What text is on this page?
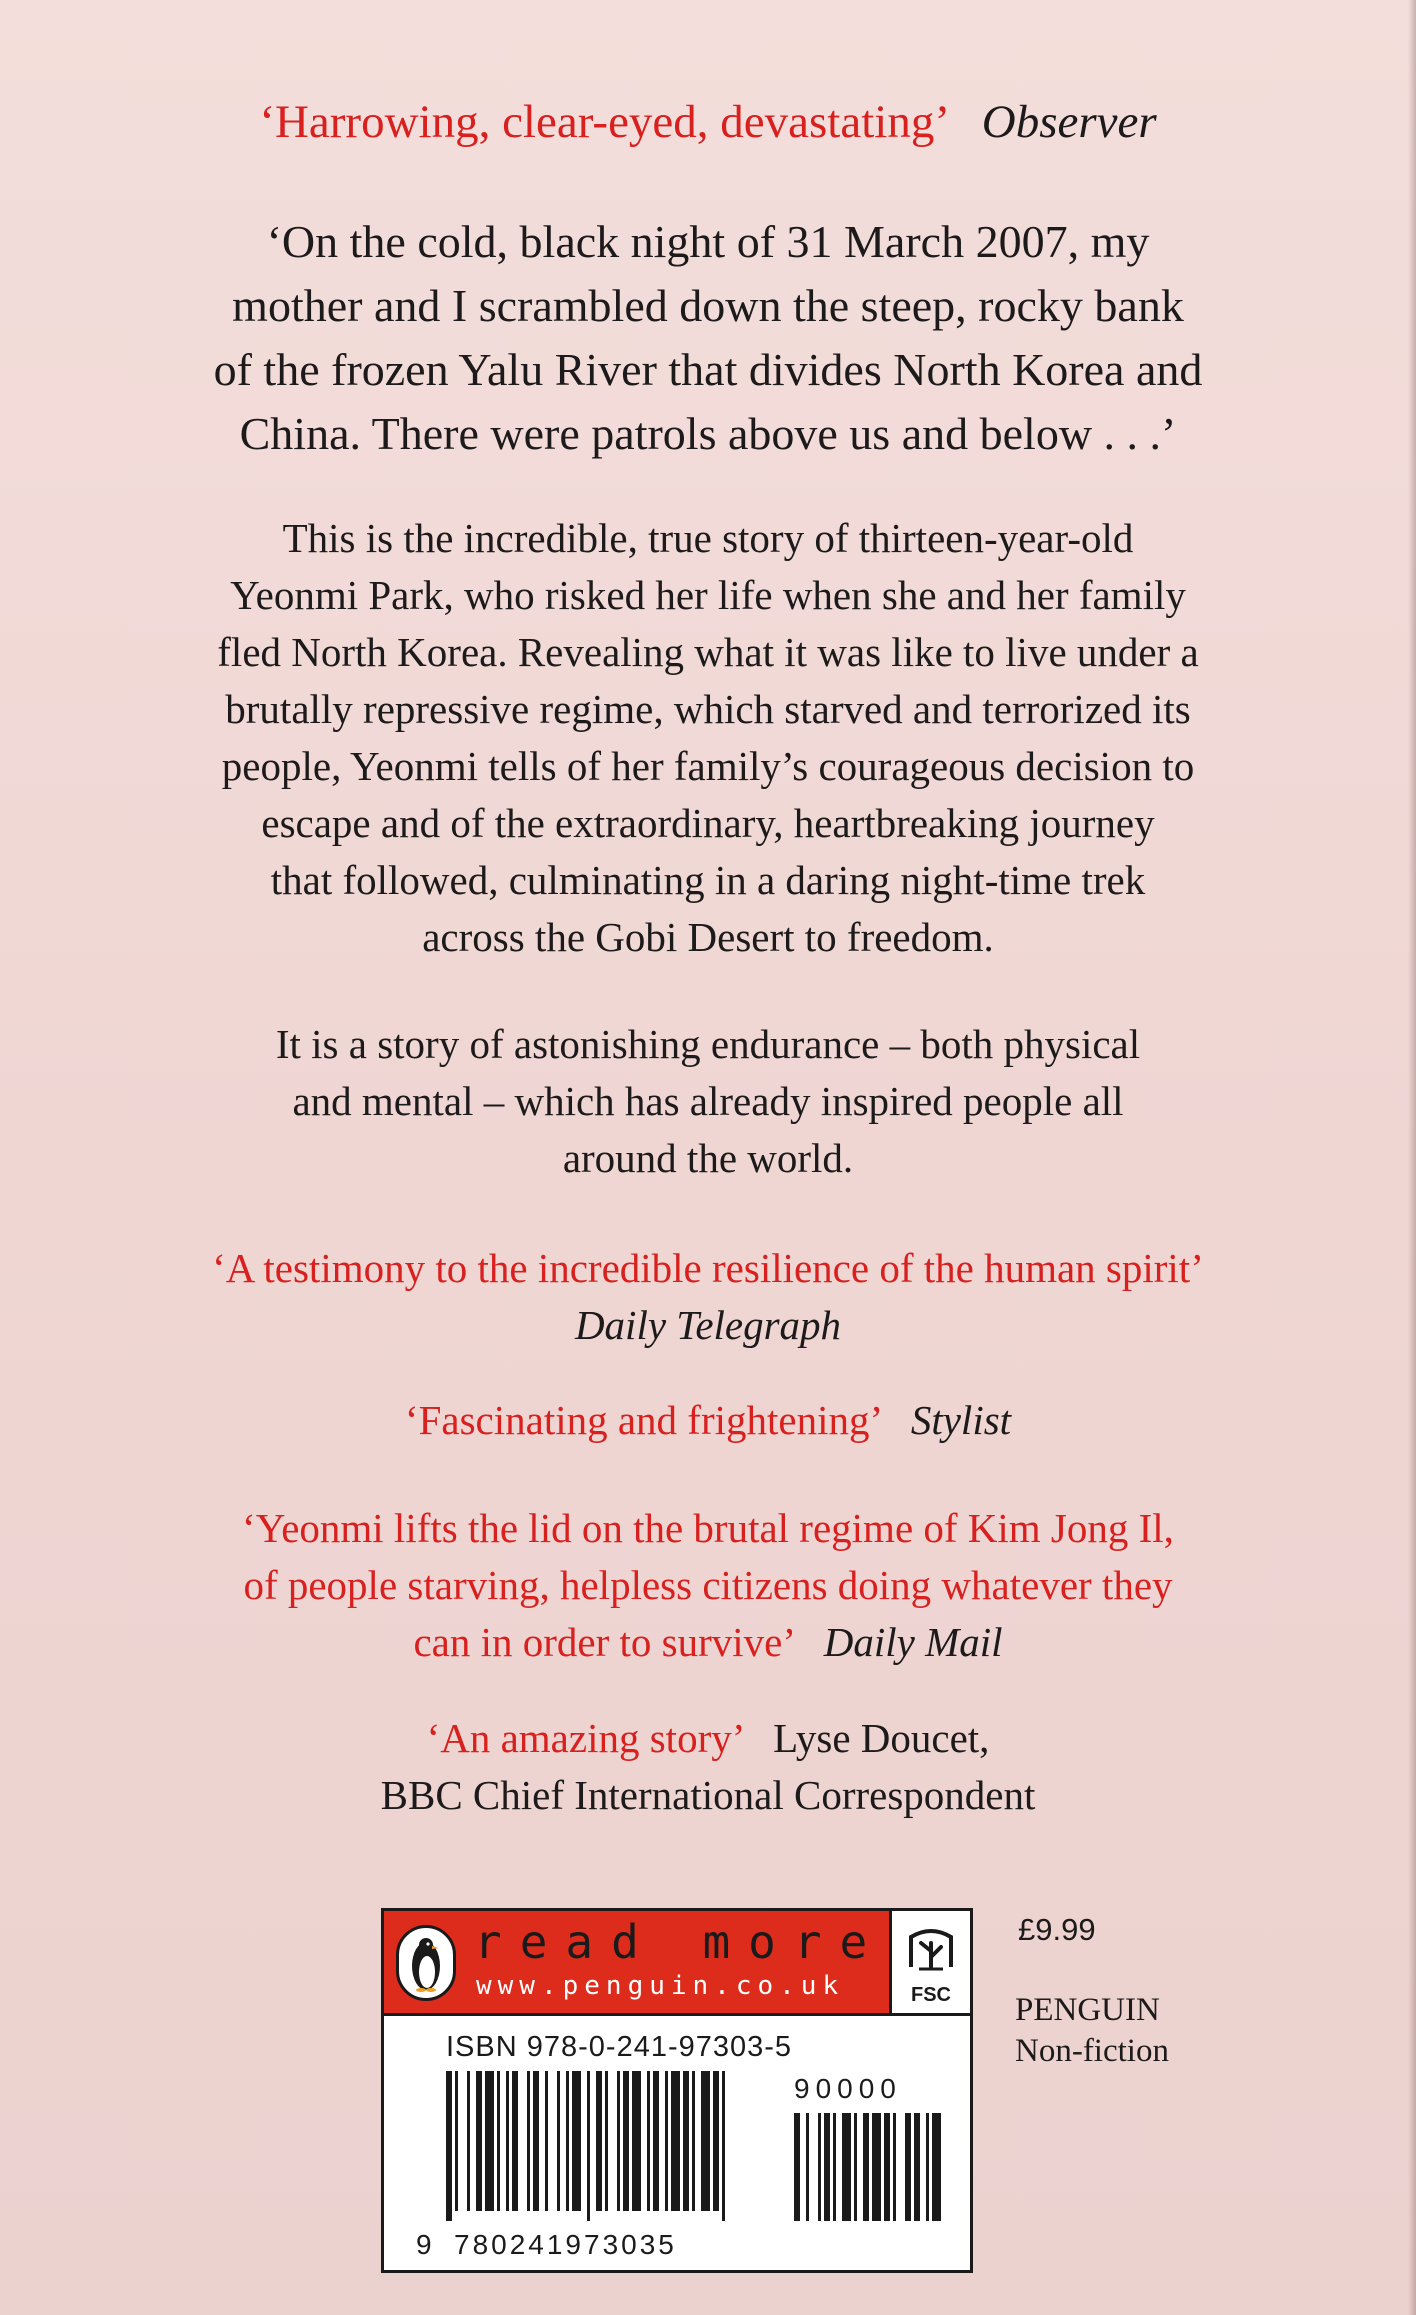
‘Harrowing, clear-eyed, devastating’ Observer
‘On the cold, black night of 31 March 2007, my
mother and I scrambled down the steep, rocky bank
of the frozen Yalu River that divides North Korea and
China. There were patrols above us and below . . .’
This is the incredible, true story of thirteen-year-old
Yeonmi Park, who risked her life when she and her family
fled North Korea. Revealing what it was like to live under a
brutally repressive regime, which starved and terrorized its
people, Yeonmi tells of her family’s courageous decision to
escape and of the extraordinary, heartbreaking journey
that followed, culminating in a daring night-time trek
across the Gobi Desert to freedom.
It is a story of astonishing endurance – both physical
and mental – which has already inspired people all
around the world.
‘A testimony to the incredible resilience of the human spirit’
Daily Telegraph
‘Fascinating and frightening’ Stylist
‘Yeonmi lifts the lid on the brutal regime of Kim Jong Il,
of people starving, helpless citizens doing whatever they
can in order to survive’ Daily Mail
‘An amazing story’ Lyse Doucet,
BBC Chief International Correspondent
read more
www.penguin.co.uk	FSC
ISBN 978-0-241-97303-5
90000
9 780241973035
£9.99
PENGUIN
Non-fiction
